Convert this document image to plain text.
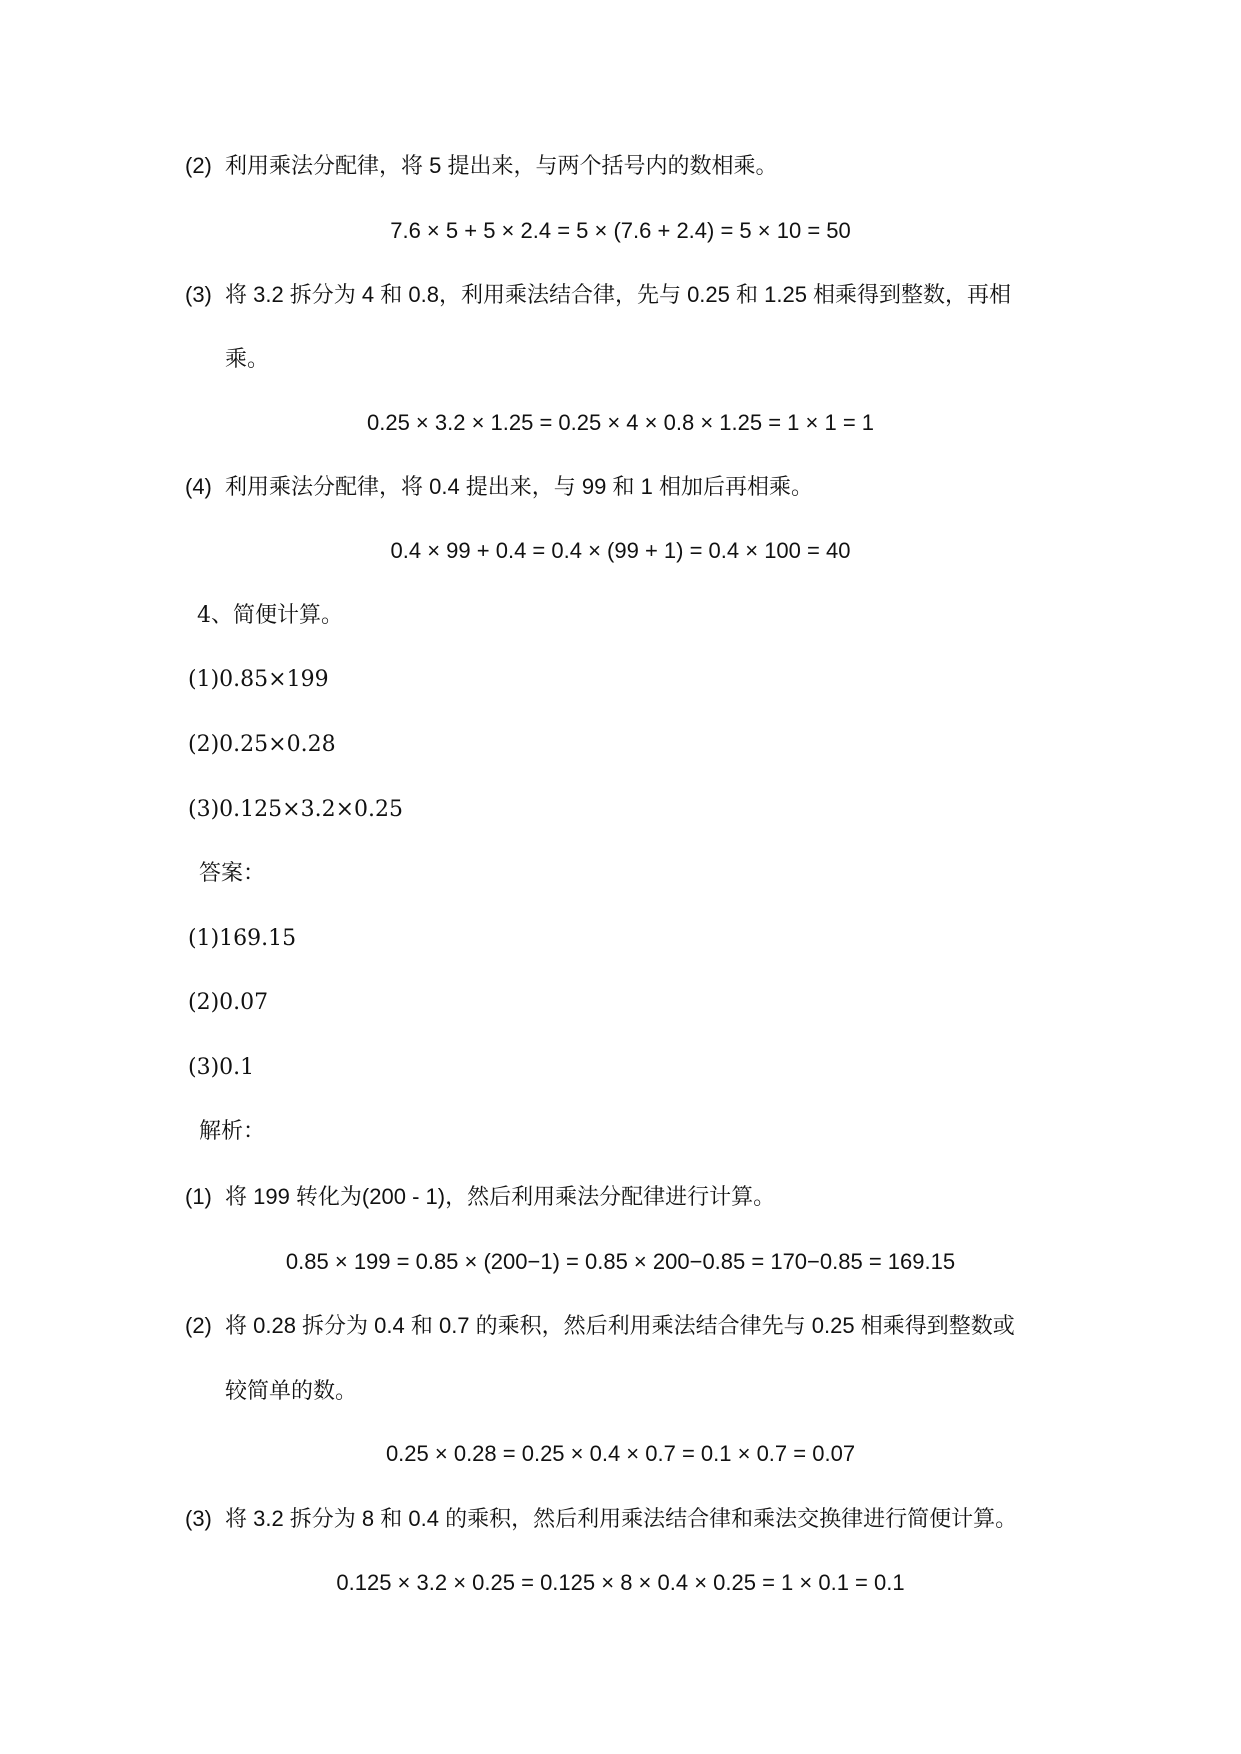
(2) 利用乘法分配律，将 5 提出来，与两个括号内的数相乘。
7.6 × 5 + 5 × 2.4 = 5 × (7.6 + 2.4) = 5 × 10 = 50
(3) 将 3.2 拆分为 4 和 0.8，利用乘法结合律，先与 0.25 和 1.25 相乘得到整数，再相
乘。
0.25 × 3.2 × 1.25 = 0.25 × 4 × 0.8 × 1.25 = 1 × 1 = 1
(4) 利用乘法分配律，将 0.4 提出来，与 99 和 1 相加后再相乘。
0.4 × 99 + 0.4 = 0.4 × (99 + 1) = 0.4 × 100 = 40
4、简便计算。
(1)0.85×199
(2)0.25×0.28
(3)0.125×3.2×0.25
答案：
(1)169.15
(2)0.07
(3)0.1
解析：
(1) 将 199 转化为(200 - 1)，然后利用乘法分配律进行计算。
0.85 × 199 = 0.85 × (200−1) = 0.85 × 200−0.85 = 170−0.85 = 169.15
(2) 将 0.28 拆分为 0.4 和 0.7 的乘积，然后利用乘法结合律先与 0.25 相乘得到整数或
较简单的数。
0.25 × 0.28 = 0.25 × 0.4 × 0.7 = 0.1 × 0.7 = 0.07
(3) 将 3.2 拆分为 8 和 0.4 的乘积，然后利用乘法结合律和乘法交换律进行简便计算。
0.125 × 3.2 × 0.25 = 0.125 × 8 × 0.4 × 0.25 = 1 × 0.1 = 0.1
